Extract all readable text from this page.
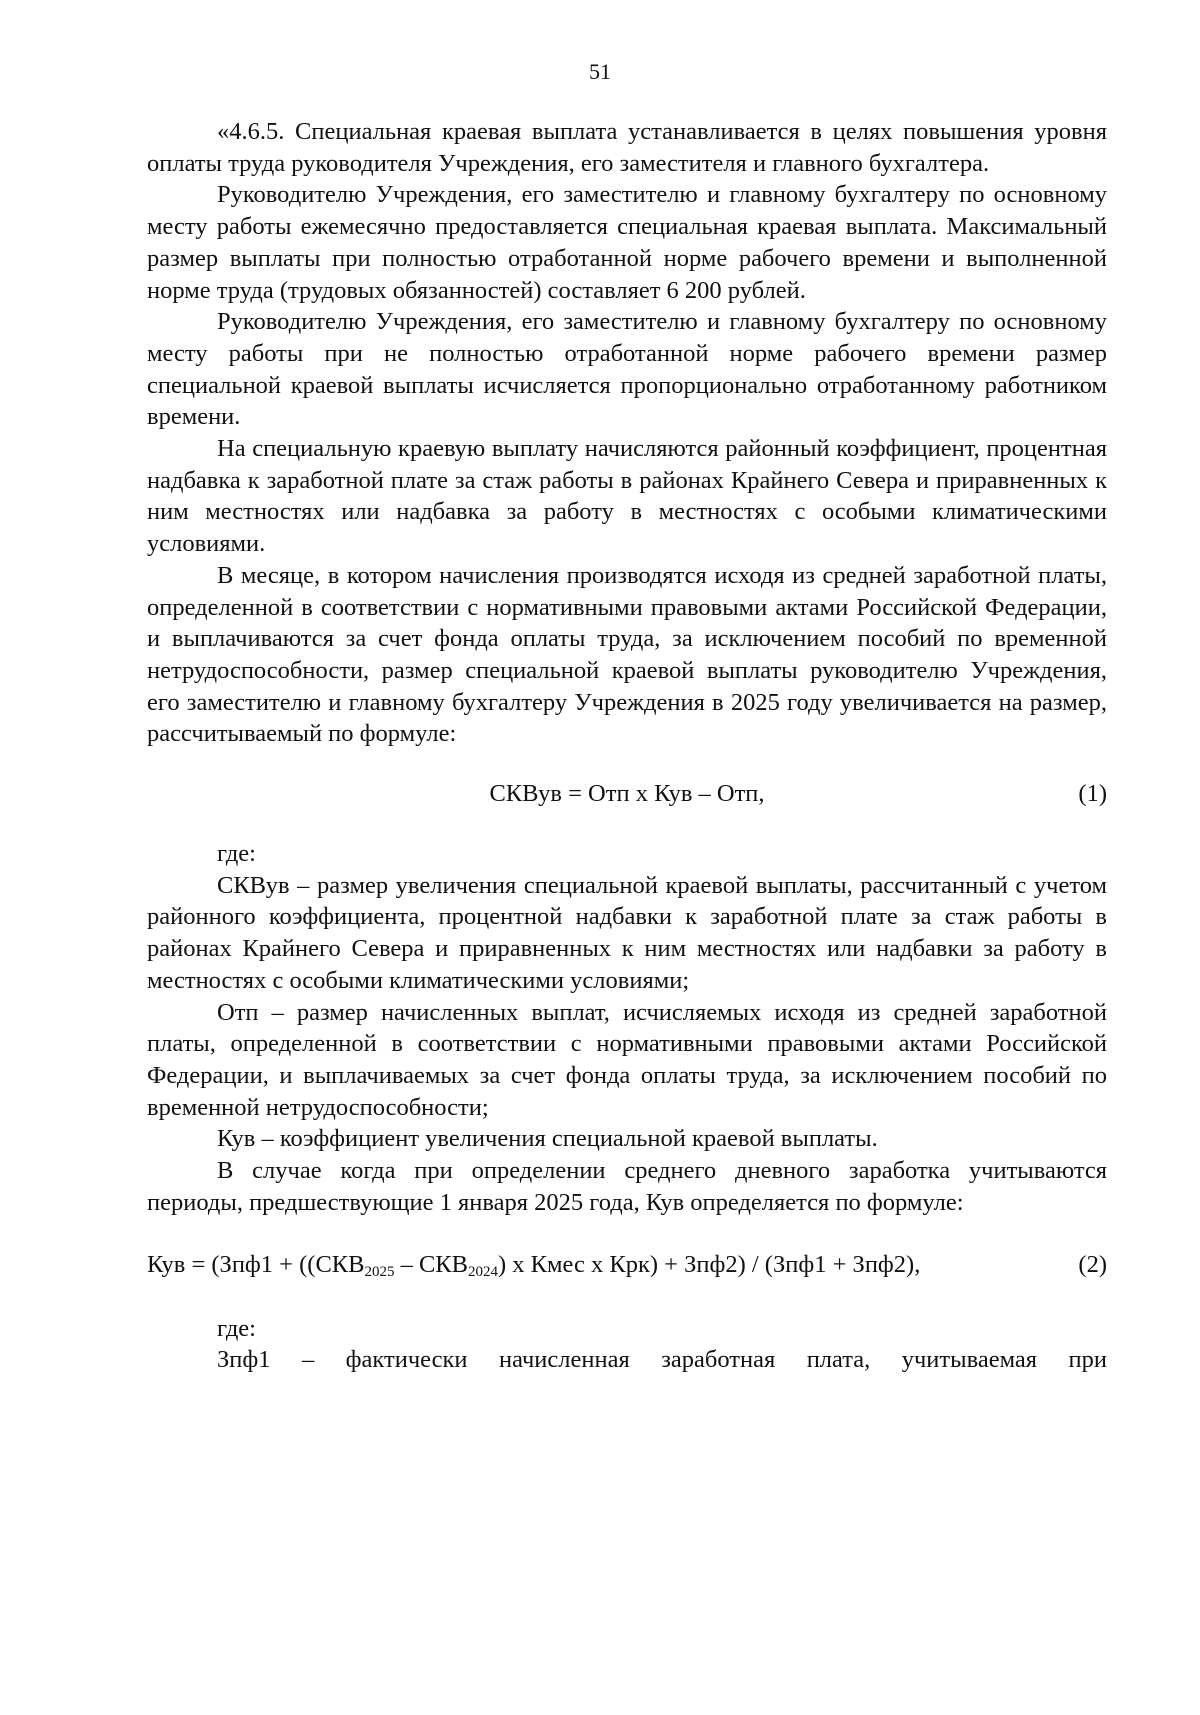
51

«4.6.5. Специальная краевая выплата устанавливается в целях повышения уровня оплаты труда руководителя Учреждения, его заместителя и главного бухгалтера.

Руководителю Учреждения, его заместителю и главному бухгалтеру по основному месту работы ежемесячно предоставляется специальная краевая выплата. Максимальный размер выплаты при полностью отработанной норме рабочего времени и выполненной норме труда (трудовых обязанностей) составляет 6 200 рублей.

Руководителю Учреждения, его заместителю и главному бухгалтеру по основному месту работы при не полностью отработанной норме рабочего времени размер специальной краевой выплаты исчисляется пропорционально отработанному работником времени.

На специальную краевую выплату начисляются районный коэффициент, процентная надбавка к заработной плате за стаж работы в районах Крайнего Севера и приравненных к ним местностях или надбавка за работу в местностях с особыми климатическими условиями.

В месяце, в котором начисления производятся исходя из средней заработной платы, определенной в соответствии с нормативными правовыми актами Российской Федерации, и выплачиваются за счет фонда оплаты труда, за исключением пособий по временной нетрудоспособности, размер специальной краевой выплаты руководителю Учреждения, его заместителю и главному бухгалтеру Учреждения в 2025 году увеличивается на размер, рассчитываемый по формуле:

СКВув = Отп х Кув – Отп,	(1)

где:

СКВув – размер увеличения специальной краевой выплаты, рассчитанный с учетом районного коэффициента, процентной надбавки к заработной плате за стаж работы в районах Крайнего Севера и приравненных к ним местностях или надбавки за работу в местностях с особыми климатическими условиями;

Отп – размер начисленных выплат, исчисляемых исходя из средней заработной платы, определенной в соответствии с нормативными правовыми актами Российской Федерации, и выплачиваемых за счет фонда оплаты труда, за исключением пособий по временной нетрудоспособности;

Кув – коэффициент увеличения специальной краевой выплаты.

В случае когда при определении среднего дневного заработка учитываются периоды, предшествующие 1 января 2025 года, Кув определяется по формуле:

Кув = ($Зпф1 + ((СКВ_{2025} - СКВ_{2024})$ х Кмес х Крк) + Зпф2) / (Зпф1 + Зпф2),	(2)

где:

Зпф1 – фактически начисленная заработная плата, учитываемая при
